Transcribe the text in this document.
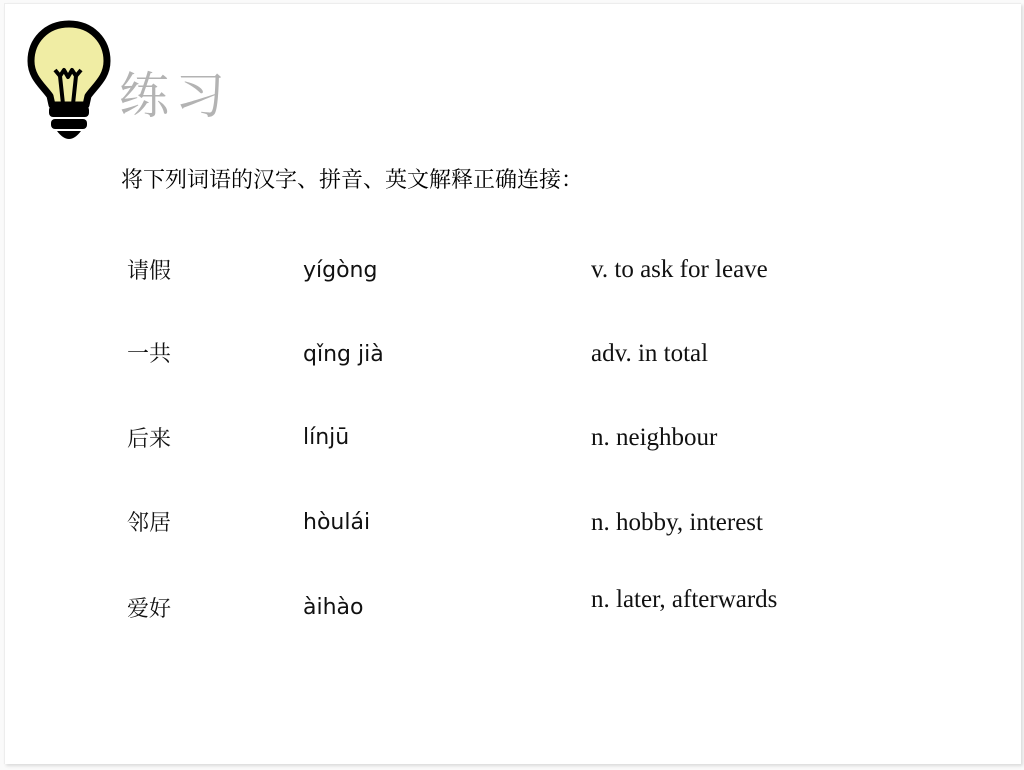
练习
将下列词语的汉字、拼音、英文解释正确连接：
请假
一共
后来
邻居
爱好
yígòng
qǐng jià
línjū
hòulái
àihào
v. to ask for leave
adv. in total
n. neighbour
n. hobby, interest
n. later, afterwards
